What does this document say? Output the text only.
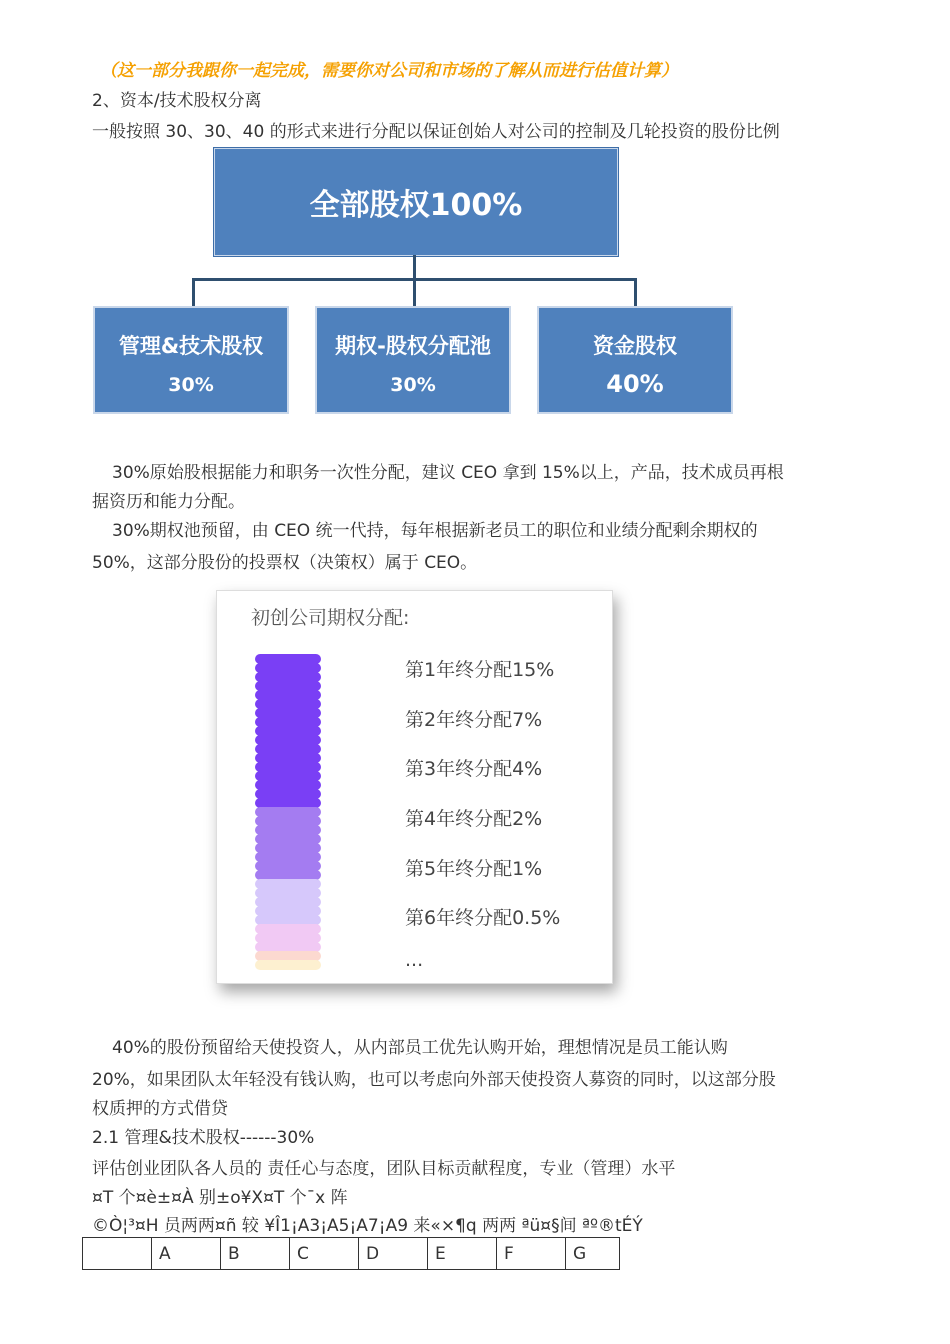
（这一部分我跟你一起完成，需要你对公司和市场的了解从而进行估值计算）
2、资本/技术股权分离
一般按照 30、30、40 的形式来进行分配以保证创始人对公司的控制及几轮投资的股份比例
全部股权100%
管理&技术股权
30%
期权-股权分配池
30%
资金股权
40%
30%原始股根据能力和职务一次性分配，建议 CEO 拿到 15%以上，产品，技术成员再根
据资历和能力分配。
30%期权池预留，由 CEO 统一代持，每年根据新老员工的职位和业绩分配剩余期权的
50%，这部分股份的投票权（决策权）属于 CEO。
初创公司期权分配:
第1年终分配15%
第2年终分配7%
第3年终分配4%
第4年终分配2%
第5年终分配1%
第6年终分配0.5%
...
40%的股份预留给天使投资人，从内部员工优先认购开始，理想情况是员工能认购
20%，如果团队太年轻没有钱认购，也可以考虑向外部天使投资人募资的同时，以这部分股
权质押的方式借贷
2.1 管理&技术股权------30%
评估创业团队各人员的 责任心与态度，团队目标贡献程度，专业（管理）水平
¤T 个¤è±¤À 别±o¥X¤T 个¯x 阵
©Ò¦³¤H 员两两¤ñ 较 ¥Î1¡A3¡A5¡A7¡A9 来«×¶q 两两 ªü¤§间 ªº®tÉÝ
	A	B	C	D	E	F	G
